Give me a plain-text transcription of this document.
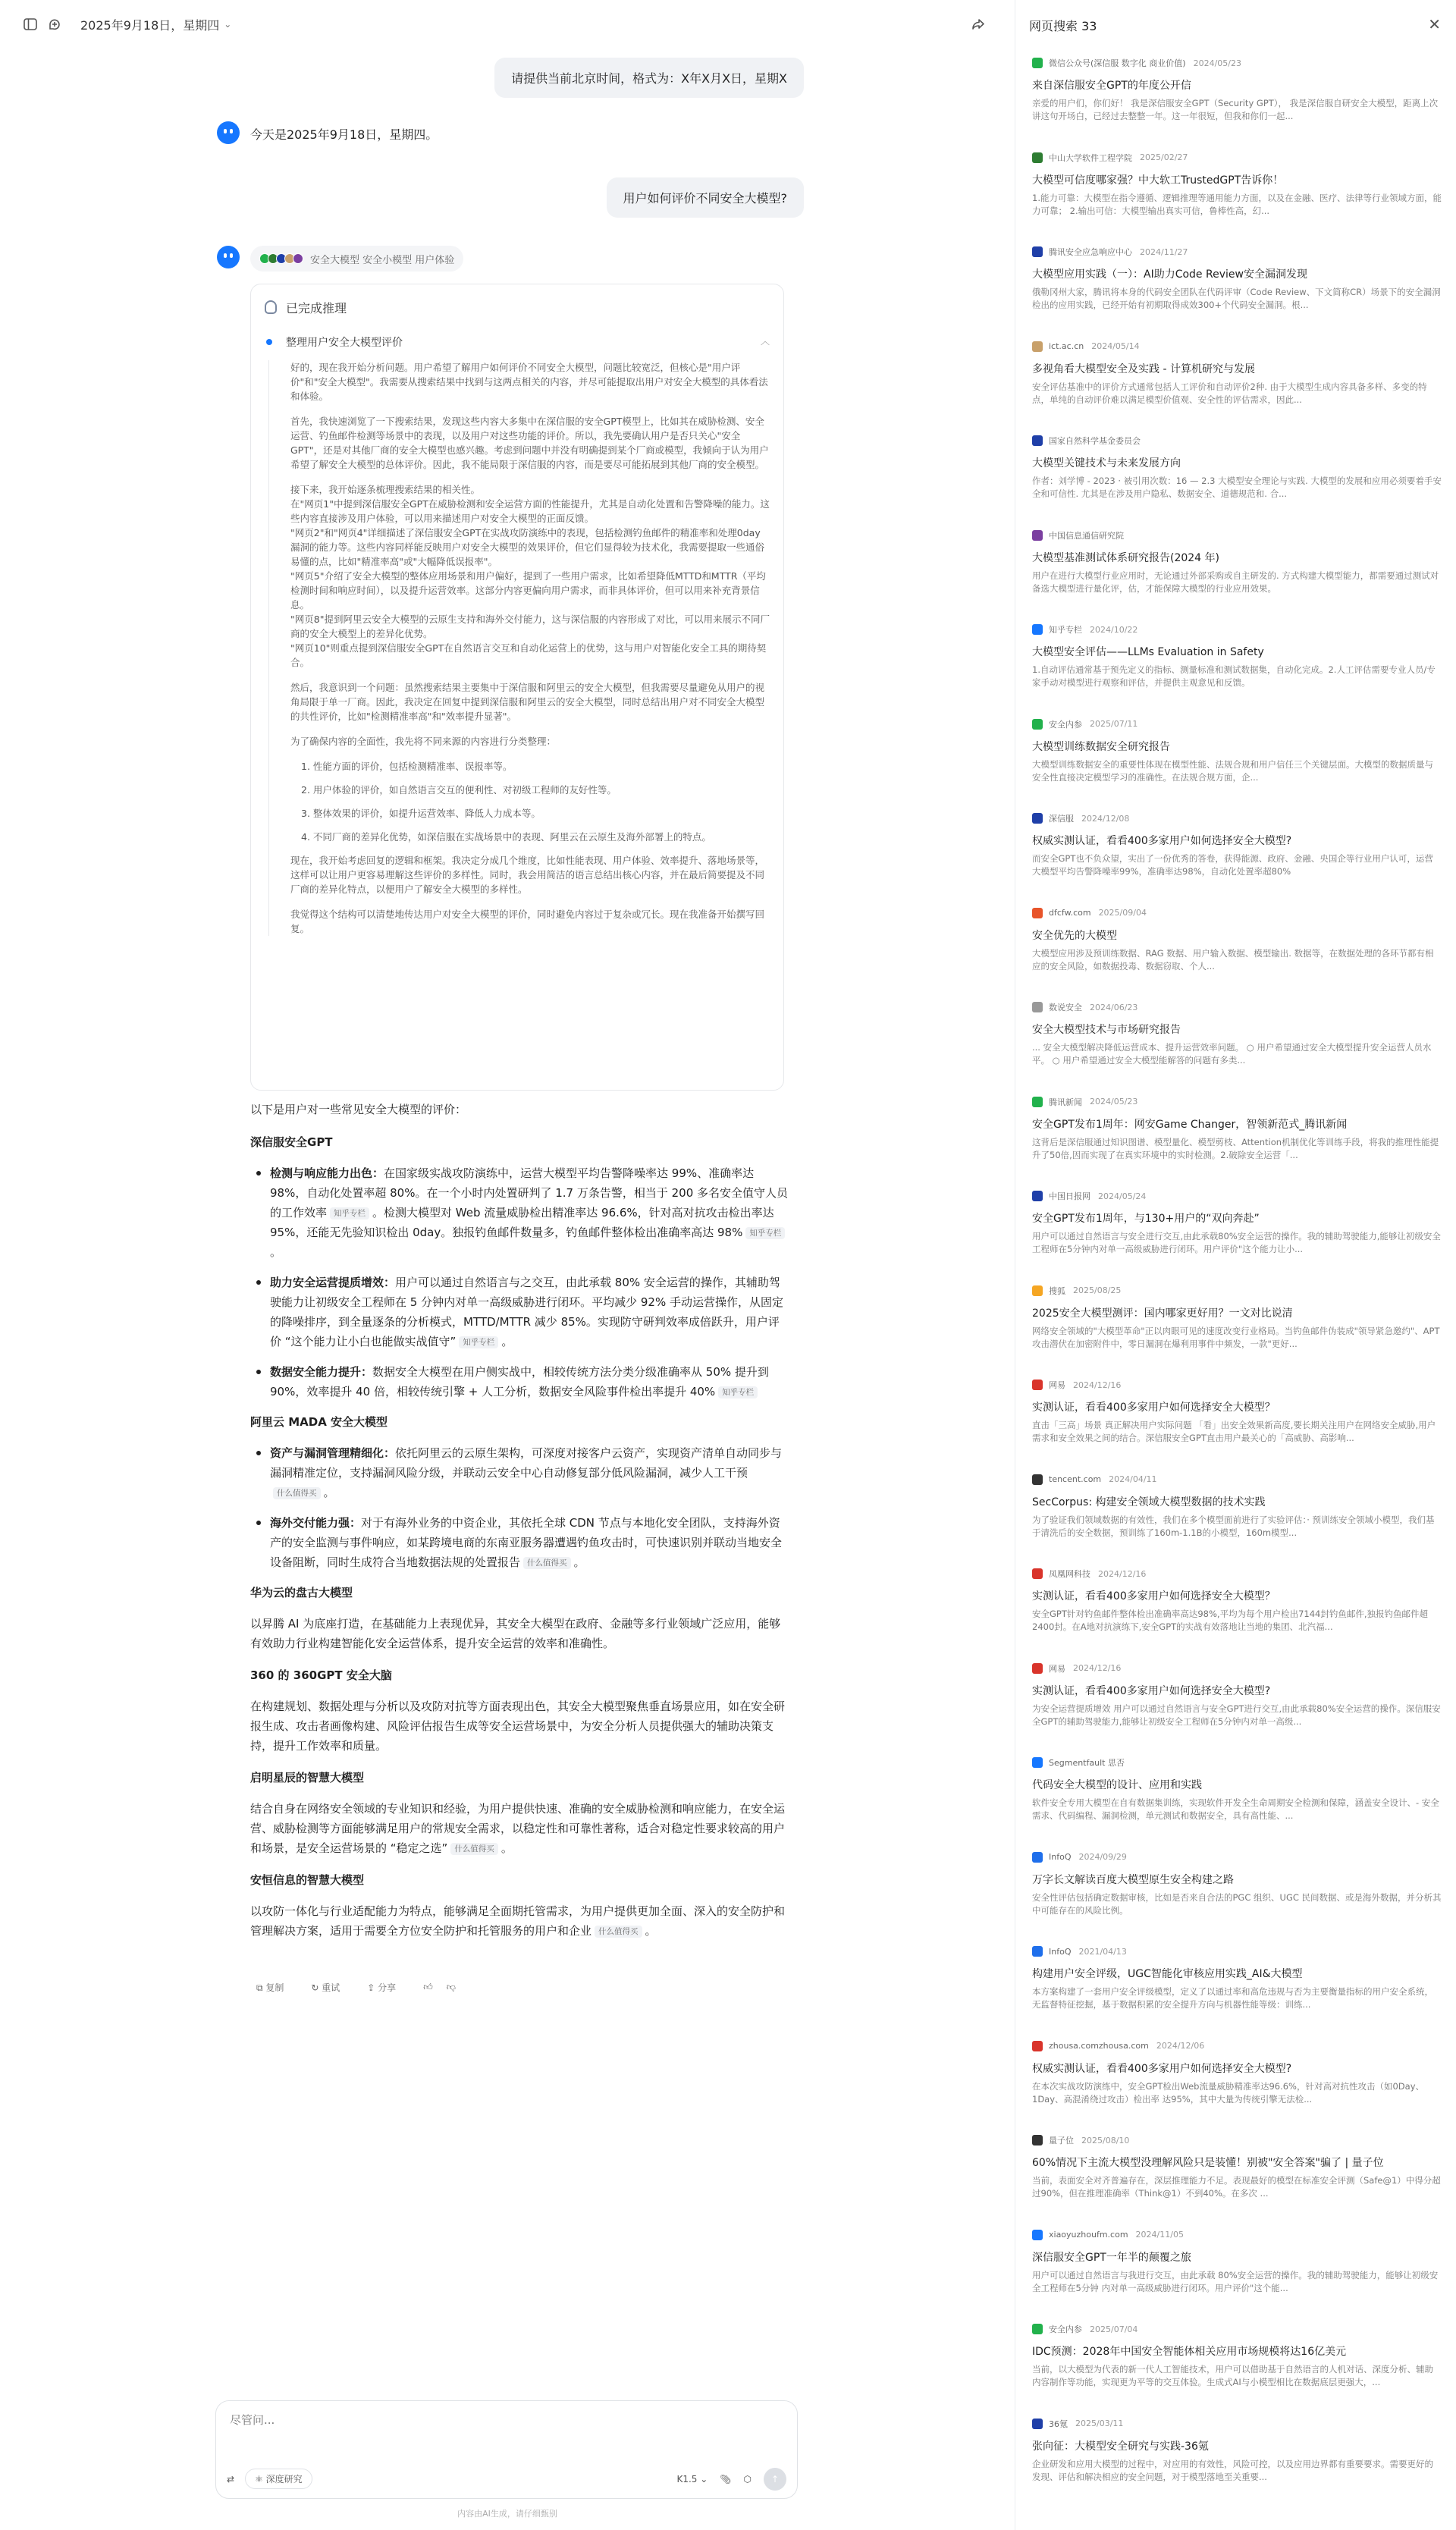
2025年9月18日，星期四 ⌄
请提供当前北京时间，格式为：X年X月X日，星期X
今天是2025年9月18日，星期四。
用户如何评价不同安全大模型?
安全大模型 安全小模型 用户体验
已完成推理
整理用户安全大模型评价	︿

好的，现在我开始分析问题。用户希望了解用户如何评价不同安全大模型，问题比较宽泛，但核心是"用户评价"和"安全大模型"。我需要从搜索结果中找到与这两点相关的内容，并尽可能提取出用户对安全大模型的具体看法和体验。

首先，我快速浏览了一下搜索结果，发现这些内容大多集中在深信服的安全GPT模型上，比如其在威胁检测、安全运营、钓鱼邮件检测等场景中的表现，以及用户对这些功能的评价。所以，我先要确认用户是否只关心"安全GPT"，还是对其他厂商的安全大模型也感兴趣。考虑到问题中并没有明确提到某个厂商或模型，我倾向于认为用户希望了解安全大模型的总体评价。因此，我不能局限于深信服的内容，而是要尽可能拓展到其他厂商的安全模型。

接下来，我开始逐条梳理搜索结果的相关性。
在"网页1"中提到深信服安全GPT在威胁检测和安全运营方面的性能提升，尤其是自动化处置和告警降噪的能力。这些内容直接涉及用户体验，可以用来描述用户对安全大模型的正面反馈。
"网页2"和"网页4"详细描述了深信服安全GPT在实战攻防演练中的表现，包括检测钓鱼邮件的精准率和处理0day漏洞的能力等。这些内容同样能反映用户对安全大模型的效果评价，但它们显得较为技术化，我需要提取一些通俗易懂的点，比如"精准率高"或"大幅降低误报率"。
"网页5"介绍了安全大模型的整体应用场景和用户偏好，提到了一些用户需求，比如希望降低MTTD和MTTR（平均检测时间和响应时间），以及提升运营效率。这部分内容更偏向用户需求，而非具体评价，但可以用来补充背景信息。
"网页8"提到阿里云安全大模型的云原生支持和海外交付能力，这与深信服的内容形成了对比，可以用来展示不同厂商的安全大模型上的差异化优势。
"网页10"则重点提到深信服安全GPT在自然语言交互和自动化运营上的优势，这与用户对智能化安全工具的期待契合。

然后，我意识到一个问题：虽然搜索结果主要集中于深信服和阿里云的安全大模型，但我需要尽量避免从用户的视角局限于单一厂商。因此，我决定在回复中提到深信服和阿里云的安全大模型，同时总结出用户对不同安全大模型的共性评价，比如"检测精准率高"和"效率提升显著"。

为了确保内容的全面性，我先将不同来源的内容进行分类整理：

1. 性能方面的评价，包括检测精准率、误报率等。

2. 用户体验的评价，如自然语言交互的便利性、对初级工程师的友好性等。

3. 整体效果的评价，如提升运营效率、降低人力成本等。

4. 不同厂商的差异化优势，如深信服在实战场景中的表现、阿里云在云原生及海外部署上的特点。

现在，我开始考虑回复的逻辑和框架。我决定分成几个维度，比如性能表现、用户体验、效率提升、落地场景等，这样可以让用户更容易理解这些评价的多样性。同时，我会用简洁的语言总结出核心内容，并在最后简要提及不同厂商的差异化特点，以便用户了解安全大模型的多样性。

我觉得这个结构可以清楚地传达用户对安全大模型的评价，同时避免内容过于复杂或冗长。现在我准备开始撰写回复。

以下是用户对一些常见安全大模型的评价：
深信服安全GPT
检测与响应能力出色：在国家级实战攻防演练中，运营大模型平均告警降噪率达 99%、准确率达 98%，自动化处置率超 80%。在一个小时内处置研判了 1.7 万条告警，相当于 200 多名安全值守人员的工作效率 知乎专栏 。检测大模型对 Web 流量威胁检出精准率达 96.6%，针对高对抗攻击检出率达 95%，还能无先验知识检出 0day。独报钓鱼邮件数量多，钓鱼邮件整体检出准确率高达 98% 知乎专栏。
助力安全运营提质增效：用户可以通过自然语言与之交互，由此承载 80% 安全运营的操作，其辅助驾驶能力让初级安全工程师在 5 分钟内对单一高级威胁进行闭环。平均减少 92% 手动运营操作，从固定的降噪排序，到全量逐条的分析模式，MTTD/MTTR 减少 85%。实现防守研判效率成倍跃升，用户评价 “这个能力让小白也能做实战值守” 知乎专栏 。
数据安全能力提升：数据安全大模型在用户侧实战中，相较传统方法分类分级准确率从 50% 提升到 90%，效率提升 40 倍，相较传统引擎 + 人工分析，数据安全风险事件检出率提升 40% 知乎专栏
阿里云 MADA 安全大模型
资产与漏洞管理精细化：依托阿里云的云原生架构，可深度对接客户云资产，实现资产清单自动同步与漏洞精准定位，支持漏洞风险分级，并联动云安全中心自动修复部分低风险漏洞，减少人工干预什么值得买 。
海外交付能力强：对于有海外业务的中资企业，其依托全球 CDN 节点与本地化安全团队，支持海外资产的安全监测与事件响应，如某跨境电商的东南亚服务器遭遇钓鱼攻击时，可快速识别并联动当地安全设备阻断，同时生成符合当地数据法规的处置报告 什么值得买 。
华为云的盘古大模型
以昇腾 AI 为底座打造，在基础能力上表现优异，其安全大模型在政府、金融等多行业领域广泛应用，能够有效助力行业构建智能化安全运营体系，提升安全运营的效率和准确性。
360 的 360GPT 安全大脑
在构建规划、数据处理与分析以及攻防对抗等方面表现出色，其安全大模型聚焦垂直场景应用，如在安全研报生成、攻击者画像构建、风险评估报告生成等安全运营场景中，为安全分析人员提供强大的辅助决策支持，提升工作效率和质量。
启明星辰的智慧大模型
结合自身在网络安全领域的专业知识和经验，为用户提供快速、准确的安全威胁检测和响应能力，在安全运营、威胁检测等方面能够满足用户的常规安全需求，以稳定性和可靠性著称，适合对稳定性要求较高的用户和场景，是安全运营场景的 “稳定之选” 什么值得买 。
安恒信息的智慧大模型
以攻防一体化与行业适配能力为特点，能够满足全面期托管需求，为用户提供更加全面、深入的安全防护和管理解决方案，适用于需要全方位安全防护和托管服务的用户和企业 什么值得买 。
⧉ 复制	↻ 重试	⇪ 分享	👍︎ 👎︎
尽管问...
⇄	⚛ 深度研究	K1.5 ⌄ 📎︎ ⬡	↑
内容由AI生成，请仔细甄别
网页搜索 33	✕
微信公众号(深信服 数字化 商业价值) 2024/05/23
来自深信服安全GPT的年度公开信
亲爱的用户们，你们好！ 我是深信服安全GPT（Security GPT）， 我是深信服自研安全大模型，距离上次讲这句开场白，已经过去整整一年。这一年很短，但我和你们一起...
中山大学软件工程学院 2025/02/27
大模型可信度哪家强？中大软工TrustedGPT告诉你！
1.能力可靠：大模型在指令遵循、逻辑推理等通用能力方面，以及在金融、医疗、法律等行业领域方面，能力可靠； 2.输出可信：大模型输出真实可信，鲁棒性高，幻...
腾讯安全应急响应中心 2024/11/27
大模型应用实践（一）：AI助力Code Review安全漏洞发现
俄勒冈州大家，腾讯将本身的代码安全团队在代码评审（Code Review、下文简称CR）场景下的安全漏洞检出的应用实践，已经开始有初期取得成效300+个代码安全漏洞。根...
ict.ac.cn 2024/05/14
多视角看大模型安全及实践 - 计算机研究与发展
安全评估基准中的评价方式通常包括人工评价和自动评价2种. 由于大模型生成内容具备多样、多变的特点，单纯的自动评价难以满足模型价值观、安全性的评估需求，因此...
国家自然科学基金委员会
大模型关键技术与未来发展方向
作者：刘学博 - 2023 · 被引用次数：16 — 2.3 大模型安全理论与实践. 大模型的发展和应用必须要着手安全和可信性. 尤其是在涉及用户隐私、数据安全、道德规范和. 合...
中国信息通信研究院
大模型基准测试体系研究报告(2024 年)
用户在进行大模型行业应用时，无论通过外部采购或自主研发的. 方式构建大模型能力，都需要通过测试对备选大模型进行量化评，估，才能保障大模型的行业应用效果。
知乎专栏 2024/10/22
大模型安全评估——LLMs Evaluation in Safety
1.自动评估通常基于预先定义的指标、测量标准和测试数据集，自动化完成。2.人工评估需要专业人员/专家手动对模型进行观察和评估，并提供主观意见和反馈。
安全内参 2025/07/11
大模型训练数据安全研究报告
大模型训练数据安全的重要性体现在模型性能、法规合规和用户信任三个关键层面。大模型的数据质量与安全性直接决定模型学习的准确性。在法规合规方面，企...
深信服 2024/12/08
权威实测认证，看看400多家用户如何选择安全大模型?
而安全GPT也不负众望，实出了一份优秀的答卷，获得能源、政府、金融、央国企等行业用户认可，运营大模型平均告警降噪率99%，准确率达98%，自动化处置率超80%
dfcfw.com 2025/09/04
安全优先的大模型
大模型应用涉及预训练数据、RAG 数据、用户输入数据、模型输出. 数据等，在数据处理的各环节都有相应的安全风险，如数据投毒、数据窃取、个人...
数说安全 2024/06/23
安全大模型技术与市场研究报告
... 安全大模型解决降低运营成本、提升运营效率问题。 ○ 用户希望通过安全大模型提升安全运营人员水平。 ○ 用户希望通过安全大模型能解答的问题有多类...
腾讯新闻 2024/05/23
安全GPT发布1周年：网安Game Changer，智领新范式_腾讯新闻
这背后是深信服通过知识图谱、模型量化、模型剪枝、Attention机制优化等训练手段，将我的推理性能提升了50倍,因而实现了在真实环境中的实时检测。2.破除安全运营「...
中国日报网 2024/05/24
安全GPT发布1周年，与130+用户的“双向奔赴”
用户可以通过自然语言与安全进行交互,由此承载80%安全运营的操作。我的辅助驾驶能力,能够让初级安全工程师在5分钟内对单一高级威胁进行闭环。用户评价"这个能力让小...
搜狐 2025/08/25
2025安全大模型测评：国内哪家更好用？一文对比说清
网络安全领域的"大模型革命"正以肉眼可见的速度改变行业格局。当钓鱼邮件伪装成"领导紧急邀约"、APT攻击潜伏在加密附件中，零日漏洞在爆利用事件中频发，一款"更好...
网易 2024/12/16
实测认证，看看400多家用户如何选择安全大模型？
直击「三高」场景 真正解决用户实际问题 「看」出安全效果新高度,要长期关注用户在网络安全威胁,用户需求和安全效果之间的结合。深信服安全GPT直击用户最关心的「高威胁、高影响...
tencent.com 2024/04/11
SecCorpus: 构建安全领域大模型数据的技术实践
为了验证我们领域数据的有效性，我们在多个模型面前进行了实验评估：· 预训练安全领域小模型，我们基于清洗后的安全数据，预训练了160m-1.1B的小模型，160m模型...
凤凰网科技 2024/12/16
实测认证，看看400多家用户如何选择安全大模型？
安全GPT针对钓鱼邮件整体检出准确率高达98%,平均为每个用户检出7144封钓鱼邮件,独报钓鱼邮件超2400封。在A地对抗演练下,安全GPT的实战有效落地让当地的集团、北汽福...
网易 2024/12/16
实测认证，看看400多家用户如何选择安全大模型?
为安全运营提质增效 用户可以通过自然语言与安全GPT进行交互,由此承载80%安全运营的操作。深信服安全GPT的辅助驾驶能力,能够让初级安全工程师在5分钟内对单一高级...
Segmentfault 思否
代码安全大模型的设计、应用和实践
软件安全专用大模型在自有数据集训练，实现软件开发全生命周期安全检测和保障，涵盖安全设计、- 安全需求、代码编程、漏洞检测，单元测试和数据安全，具有高性能、...
InfoQ 2024/09/29
万字长文解读百度大模型原生安全构建之路
安全性评估包括确定数据审核，比如是否来自合法的PGC 组织、UGC 民间数据、或是海外数据，并分析其中可能存在的风险比例。
InfoQ 2021/04/13
构建用户安全评级，UGC智能化审核应用实践_AI&大模型
本方案构建了一套用户安全评级模型，定义了以通过率和高危违规与否为主要衡量指标的用户安全系统，无监督特征挖掘，基于数据积累的安全提升方向与机器性能等级：训练...
zhousa.comzhousa.com 2024/12/06
权威实测认证，看看400多家用户如何选择安全大模型?
在本次实战攻防演练中，安全GPT检出Web流量威胁精准率达96.6%，针对高对抗性攻击（如0Day、1Day、高混淆绕过攻击）检出率 达95%，其中大量为传统引擎无法检...
量子位 2025/08/10
60%情况下主流大模型没理解风险只是装懂！别被"安全答案"骗了 | 量子位
当前，表面安全对齐普遍存在，深层推理能力不足。表现最好的模型在标准安全评测（Safe@1）中得分超过90%，但在推理准确率（Think@1）不到40%。在多次 ...
xiaoyuzhoufm.com 2024/11/05
深信服安全GPT一年半的颠覆之旅
用户可以通过自然语言与我进行交互，由此承载 80%安全运营的操作。我的辅助驾驶能力，能够让初级安全工程师在5分钟 内对单一高级威胁进行闭环。用户评价"这个能...
安全内参 2025/07/04
IDC预测：2028年中国安全智能体相关应用市场规模将达16亿美元
当前，以大模型为代表的新一代人工智能技术，用户可以借助基于自然语言的人机对话、深度分析、辅助内容制作等功能，实现更为平等的交互体验。生成式AI与小模型相比在数据底层更强大，...
36氪 2025/03/11
张向征：大模型安全研究与实践-36氪
企业研发和应用大模型的过程中，对应用的有效性，风险可控，以及应用边界都有重要要求。需要更好的发现、评估和解决相应的安全问题，对于模型落地至关重要...
